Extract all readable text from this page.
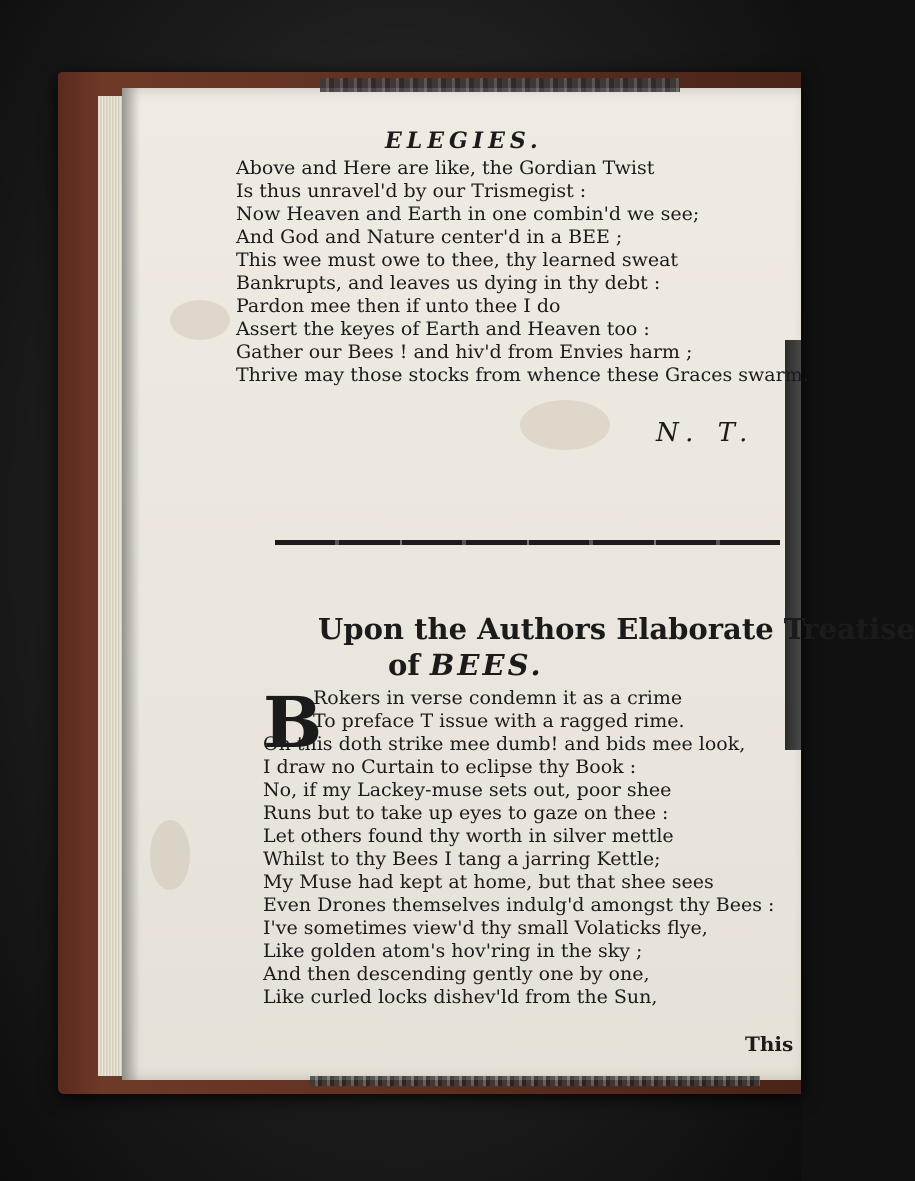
ELEGIES.
Above and Here are like, the Gordian Twist
Is thus unravel'd by our Trismegist :
Now Heaven and Earth in one combin'd we see;
And God and Nature center'd in a BEE ;
This wee must owe to thee, thy learned sweat
Bankrupts, and leaves us dying in thy debt :
Pardon mee then if unto thee I do
Assert the keyes of Earth and Heaven too :
Gather our Bees ! and hiv'd from Envies harm ;
Thrive may those stocks from whence these Graces swarm.
N. T.
Upon the Authors Elaborate Treatise
of BEES.
B
Rokers in verse condemn it as a crime
To preface T issue with a ragged rime.
Oh this doth strike mee dumb! and bids mee look,
I draw no Curtain to eclipse thy Book :
No, if my Lackey-muse sets out, poor shee
Runs but to take up eyes to gaze on thee :
Let others found thy worth in silver mettle
Whilst to thy Bees I tang a jarring Kettle;
My Muse had kept at home, but that shee sees
Even Drones themselves indulg'd amongst thy Bees :
I've sometimes view'd thy small Volaticks flye,
Like golden atom's hov'ring in the sky ;
And then descending gently one by one,
Like curled locks dishev'ld from the Sun,
This
